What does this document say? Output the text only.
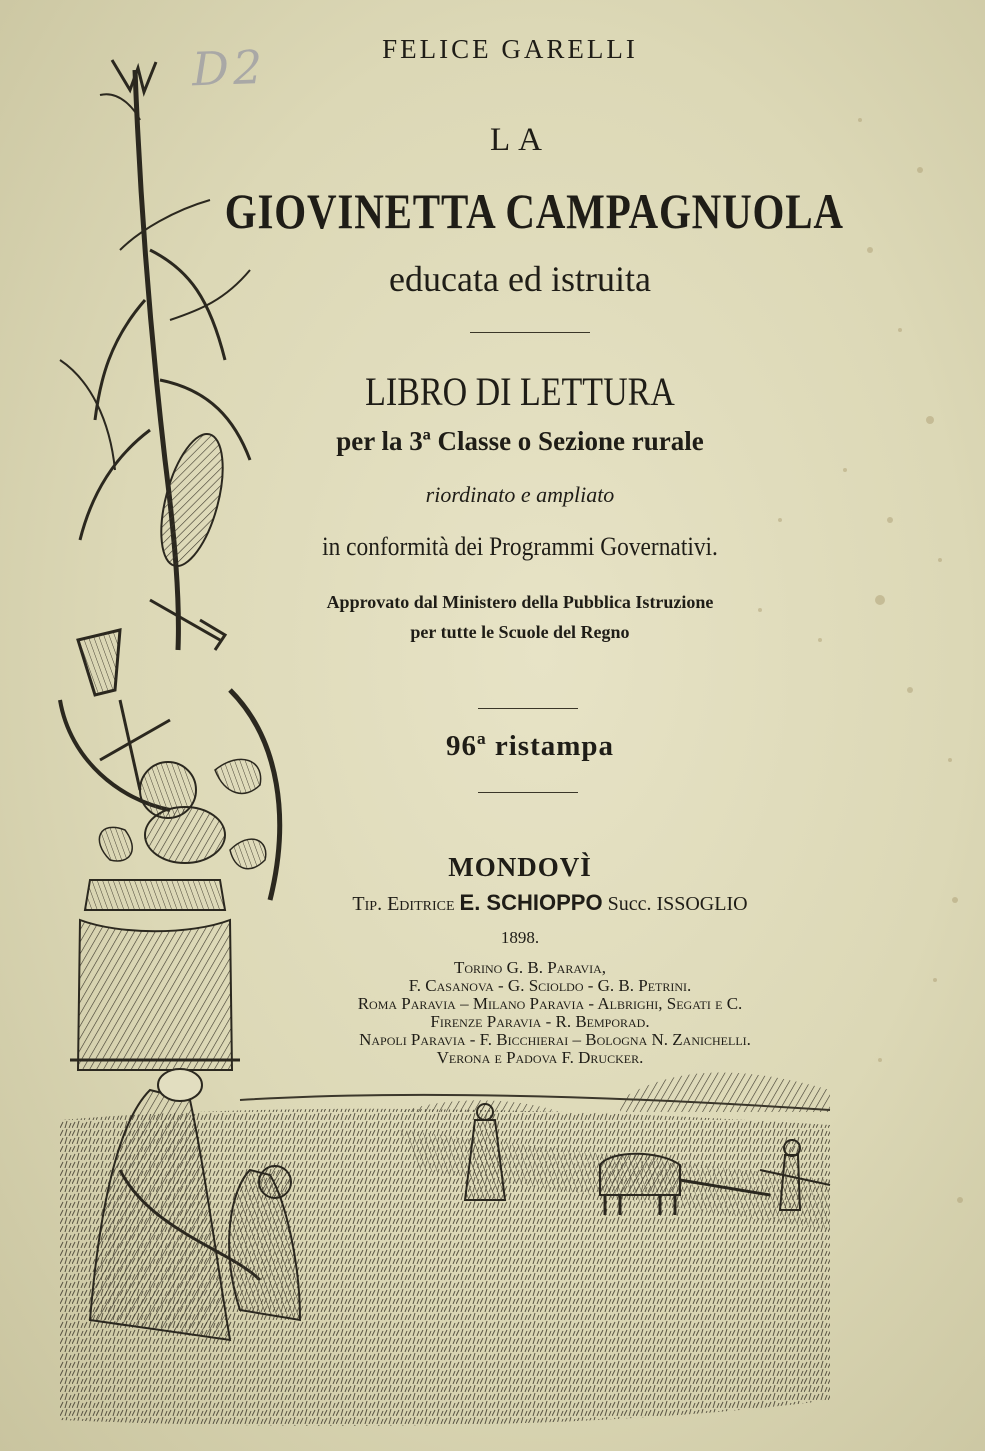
D2	FELICE GARELLI
LA
GIOVINETTA CAMPAGNUOLA
educata ed istruita
LIBRO DI LETTURA
per la 3ª Classe o Sezione rurale
riordinato e ampliato
in conformità dei Programmi Governativi.
Approvato dal Ministero della Pubblica Istruzione
per tutte le Scuole del Regno
96ª ristampa
MONDOVÌ
Tip. Editrice E. SCHIOPPO Succ. ISSOGLIO
1898.
Torino G. B. Paravia,
F. Casanova - G. Scioldo - G. B. Petrini.
Roma Paravia – Milano Paravia - Albrighi, Segati e C.
Firenze Paravia - R. Bemporad.
Napoli Paravia - F. Bicchierai – Bologna N. Zanichelli.
Verona e Padova F. Drucker.
